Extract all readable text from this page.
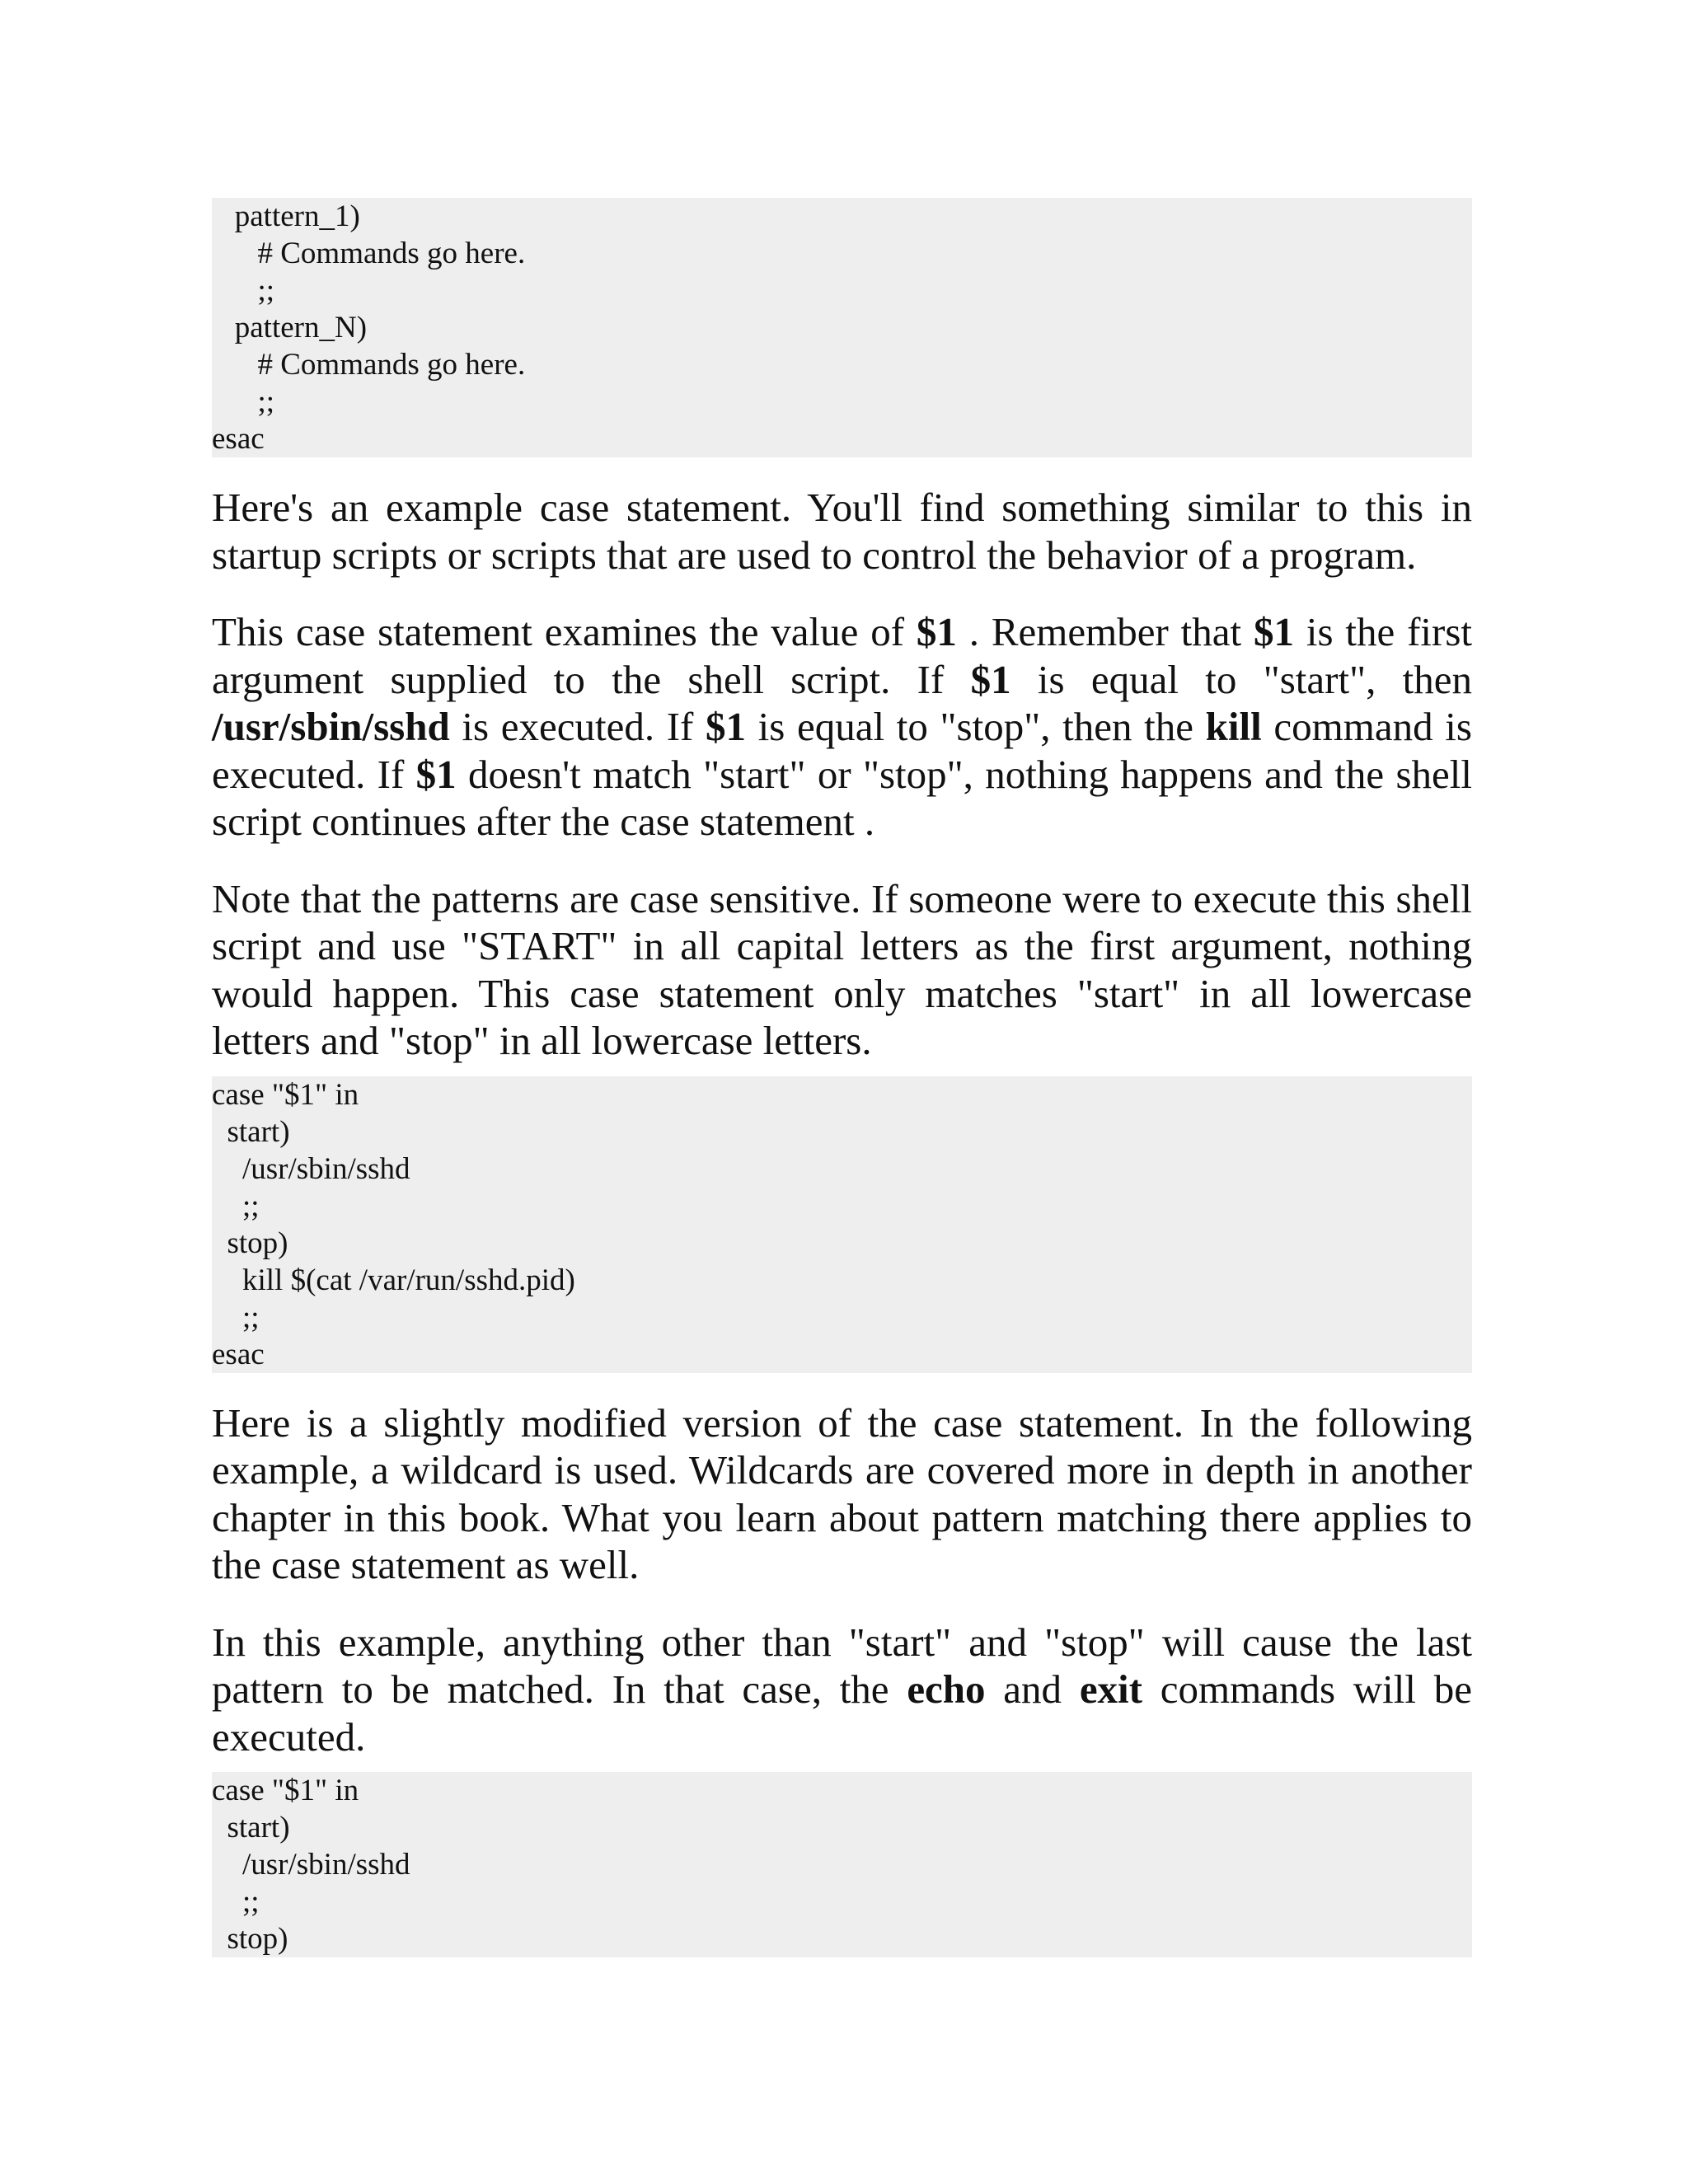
pattern_1)
# Commands go here.
;;
pattern_N)
# Commands go here.
;;
esac

Here's an example case statement. You'll find something similar to this in startup scripts or scripts that are used to control the behavior of a program.

This case statement examines the value of $1 . Remember that $1 is the first argument supplied to the shell script. If $1 is equal to "start", then /usr/sbin/sshd is executed. If $1 is equal to "stop", then the kill command is executed. If $1 doesn't match "start" or "stop", nothing happens and the shell script continues after the case statement .

Note that the patterns are case sensitive. If someone were to execute this shell script and use "START" in all capital letters as the first argument, nothing would happen. This case statement only matches "start" in all lowercase letters and "stop" in all lowercase letters.

case "$1" in
start)
/usr/sbin/sshd
;;
stop)
kill $(cat /var/run/sshd.pid)
;;
esac

Here is a slightly modified version of the case statement. In the following example, a wildcard is used. Wildcards are covered more in depth in another chapter in this book. What you learn about pattern matching there applies to the case statement as well.

In this example, anything other than "start" and "stop" will cause the last pattern to be matched. In that case, the echo and exit commands will be executed.

case "$1" in
start)
/usr/sbin/sshd
;;
stop)
